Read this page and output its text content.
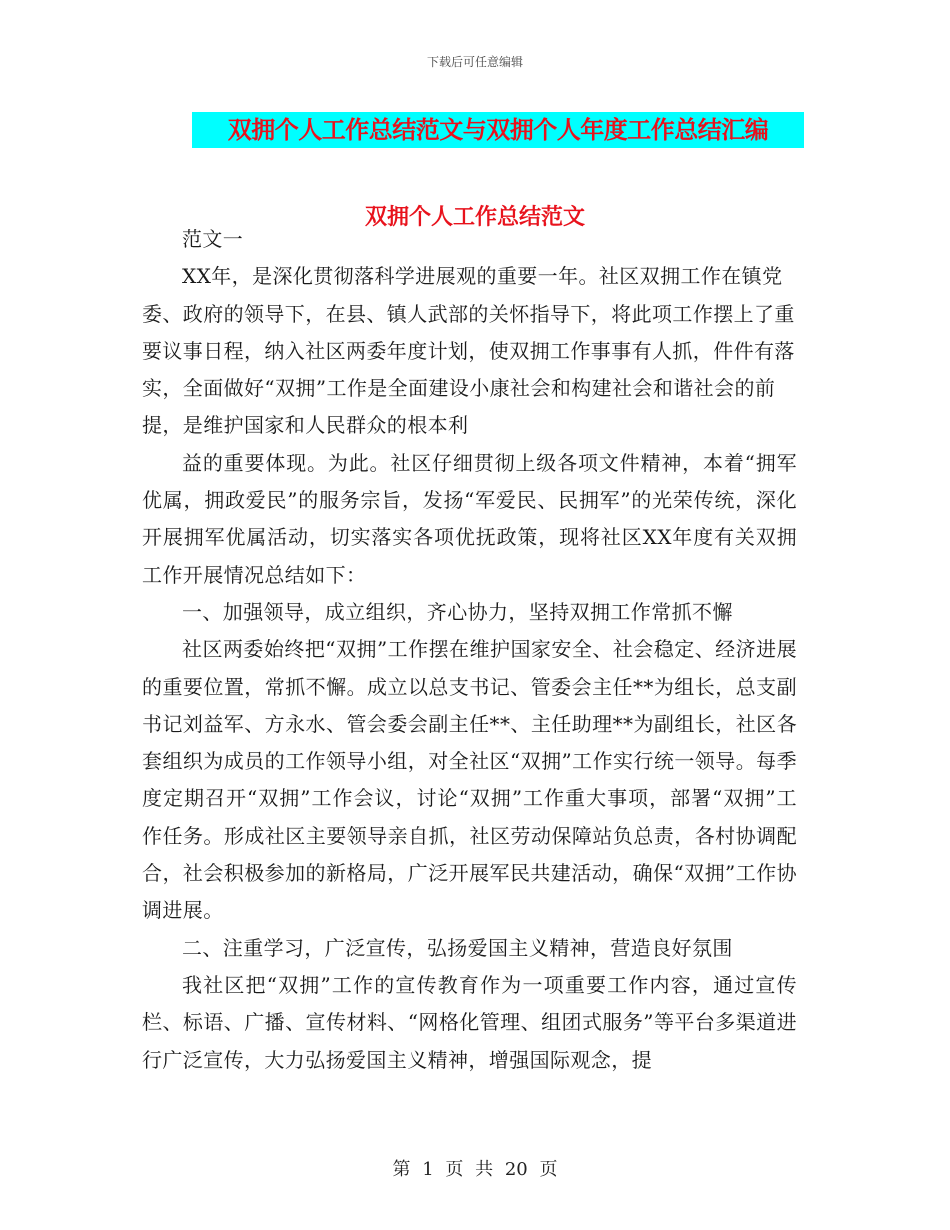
下载后可任意编辑
双拥个人工作总结范文与双拥个人年度工作总结汇编
双拥个人工作总结范文

范文一

XX年，是深化贯彻落科学进展观的重要一年。社区双拥工作在镇党委、政府的领导下，在县、镇人武部的关怀指导下，将此项工作摆上了重要议事日程，纳入社区两委年度计划，使双拥工作事事有人抓，件件有落实，全面做好“双拥”工作是全面建设小康社会和构建社会和谐社会的前提，是维护国家和人民群众的根本利

益的重要体现。为此。社区仔细贯彻上级各项文件精神，本着“拥军优属，拥政爱民”的服务宗旨，发扬“军爱民、民拥军”的光荣传统，深化开展拥军优属活动，切实落实各项优抚政策，现将社区XX年度有关双拥工作开展情况总结如下：

一、加强领导，成立组织，齐心协力，坚持双拥工作常抓不懈

社区两委始终把“双拥”工作摆在维护国家安全、社会稳定、经济进展的重要位置，常抓不懈。成立以总支书记、管委会主任**为组长，总支副书记刘益军、方永水、管会委会副主任**、主任助理**为副组长，社区各套组织为成员的工作领导小组，对全社区“双拥”工作实行统一领导。每季度定期召开“双拥”工作会议，讨论“双拥”工作重大事项，部署“双拥”工作任务。形成社区主要领导亲自抓，社区劳动保障站负总责，各村协调配合，社会积极参加的新格局，广泛开展军民共建活动，确保“双拥”工作协调进展。

二、注重学习，广泛宣传，弘扬爱国主义精神，营造良好氛围

我社区把“双拥”工作的宣传教育作为一项重要工作内容，通过宣传栏、标语、广播、宣传材料、“网格化管理、组团式服务”等平台多渠道进行广泛宣传，大力弘扬爱国主义精神，增强国际观念，提

第 1 页 共 20 页
